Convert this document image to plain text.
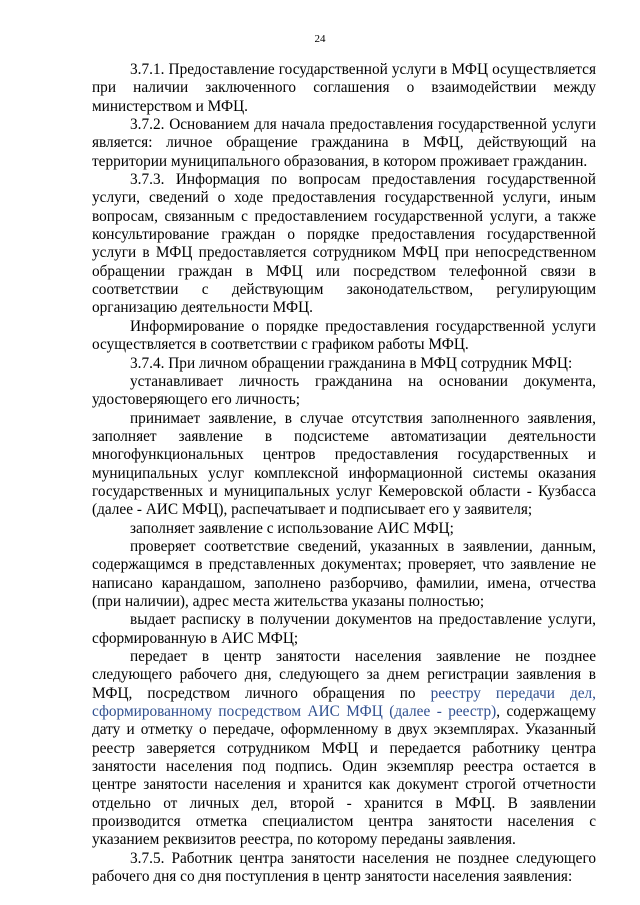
24

3.7.1. Предоставление государственной услуги в МФЦ осуществляется при наличии заключенного соглашения о взаимодействии между министерством и МФЦ.

3.7.2. Основанием для начала предоставления государственной услуги является: личное обращение гражданина в МФЦ, действующий на территории муниципального образования, в котором проживает гражданин.

3.7.3. Информация по вопросам предоставления государственной услуги, сведений о ходе предоставления государственной услуги, иным вопросам, связанным с предоставлением государственной услуги, а также консультирование граждан о порядке предоставления государственной услуги в МФЦ предоставляется сотрудником МФЦ при непосредственном обращении граждан в МФЦ или посредством телефонной связи в соответствии с действующим законодательством, регулирующим организацию деятельности МФЦ.

Информирование о порядке предоставления государственной услуги осуществляется в соответствии с графиком работы МФЦ.

3.7.4. При личном обращении гражданина в МФЦ сотрудник МФЦ:

устанавливает личность гражданина на основании документа, удостоверяющего его личность;

принимает заявление, в случае отсутствия заполненного заявления, заполняет заявление в подсистеме автоматизации деятельности многофункциональных центров предоставления государственных и муниципальных услуг комплексной информационной системы оказания государственных и муниципальных услуг Кемеровской области - Кузбасса (далее - АИС МФЦ), распечатывает и подписывает его у заявителя;

заполняет заявление с использование АИС МФЦ;

проверяет соответствие сведений, указанных в заявлении, данным, содержащимся в представленных документах; проверяет, что заявление не написано карандашом, заполнено разборчиво, фамилии, имена, отчества (при наличии), адрес места жительства указаны полностью;

выдает расписку в получении документов на предоставление услуги, сформированную в АИС МФЦ;

передает в центр занятости населения заявление не позднее следующего рабочего дня, следующего за днем регистрации заявления в МФЦ, посредством личного обращения по реестру передачи дел, сформированному посредством АИС МФЦ (далее - реестр), содержащему дату и отметку о передаче, оформленному в двух экземплярах. Указанный реестр заверяется сотрудником МФЦ и передается работнику центра занятости населения под подпись. Один экземпляр реестра остается в центре занятости населения и хранится как документ строгой отчетности отдельно от личных дел, второй - хранится в МФЦ. В заявлении производится отметка специалистом центра занятости населения с указанием реквизитов реестра, по которому переданы заявления.

3.7.5. Работник центра занятости населения не позднее следующего рабочего дня со дня поступления в центр занятости населения заявления:
